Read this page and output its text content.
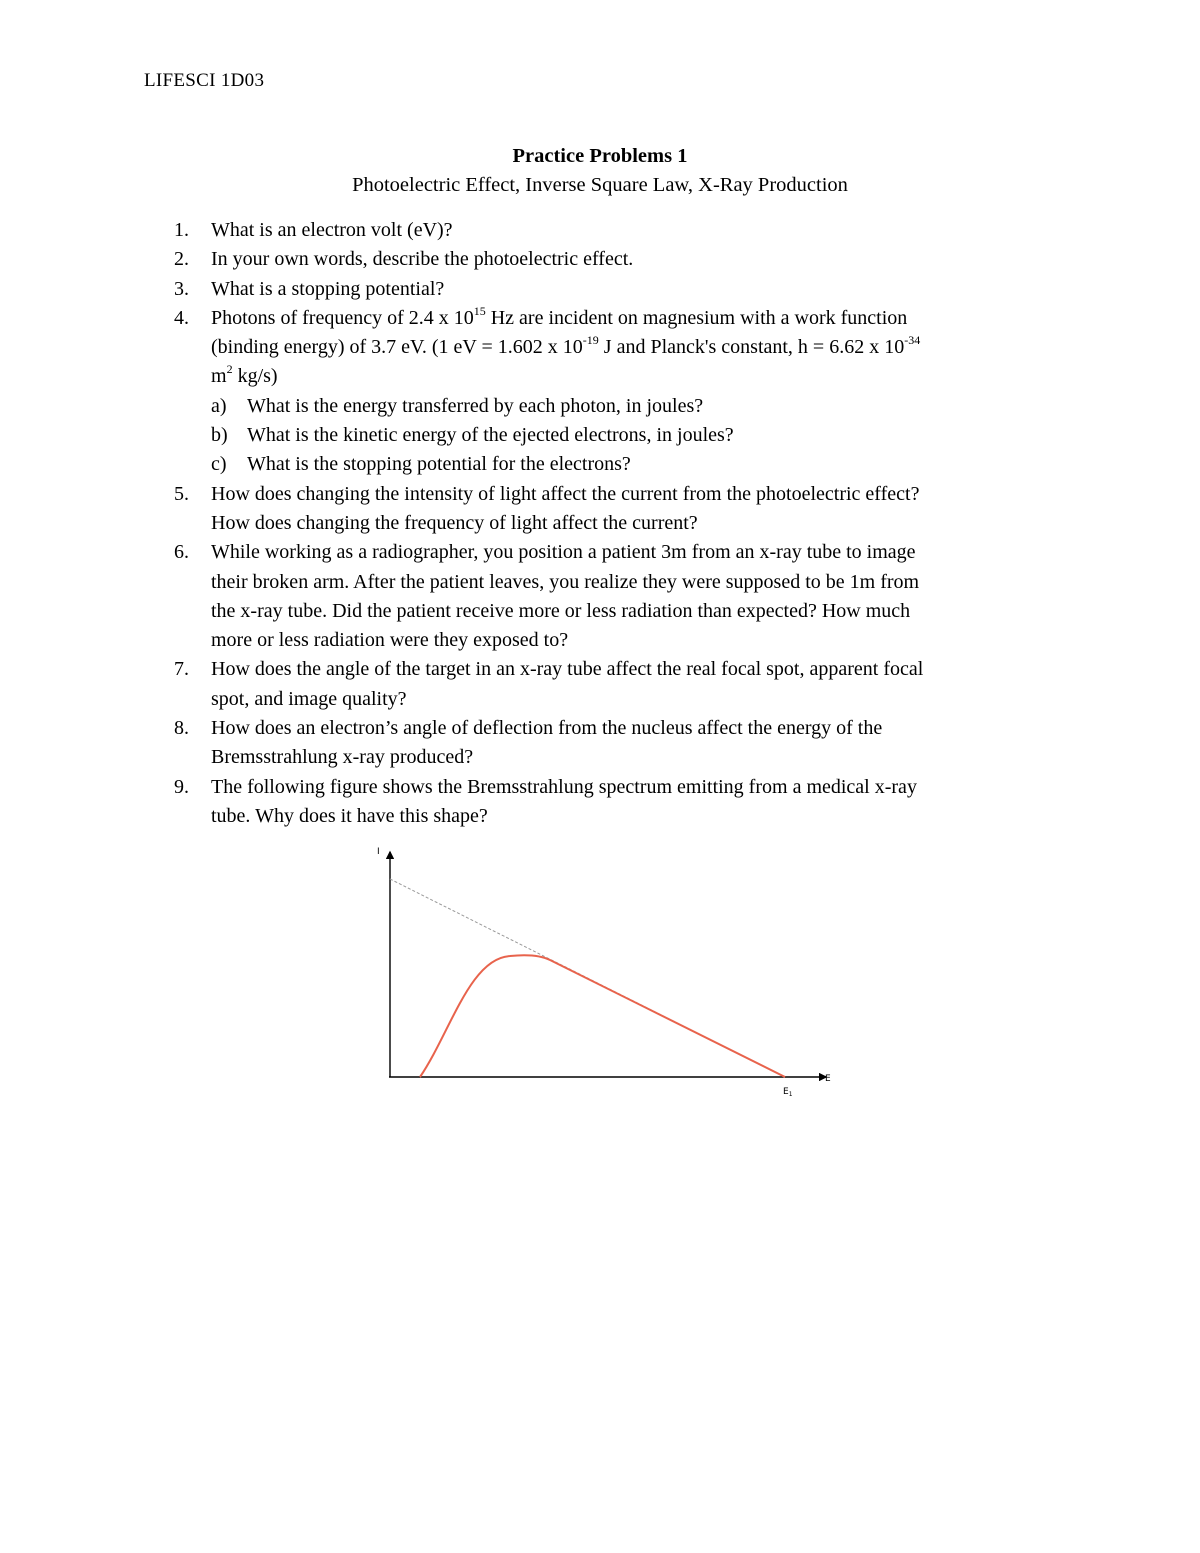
LIFESCI 1D03
Practice Problems 1
Photoelectric Effect, Inverse Square Law, X-Ray Production
1. What is an electron volt (eV)?
2. In your own words, describe the photoelectric effect.
3. What is a stopping potential?
4. Photons of frequency of 2.4 x $10^{15}$ Hz are incident on magnesium with a work function
(binding energy) of 3.7 eV. (1 eV = 1.602 x $10^{-19}$ J and Planck's constant, h = 6.62 x $10^{-34}$
$m^2$ kg/s)
a) What is the energy transferred by each photon, in joules?
b) What is the kinetic energy of the ejected electrons, in joules?
c) What is the stopping potential for the electrons?
5. How does changing the intensity of light affect the current from the photoelectric effect?
How does changing the frequency of light affect the current?
6. While working as a radiographer, you position a patient 3m from an x-ray tube to image
their broken arm. After the patient leaves, you realize they were supposed to be 1m from
the x-ray tube. Did the patient receive more or less radiation than expected? How much
more or less radiation were they exposed to?
7. How does the angle of the target in an x-ray tube affect the real focal spot, apparent focal
spot, and image quality?
8. How does an electron’s angle of deflection from the nucleus affect the energy of the
Bremsstrahlung x-ray produced?
9. The following figure shows the Bremsstrahlung spectrum emitting from a medical x-ray
tube. Why does it have this shape?
I
E
$E_1$
